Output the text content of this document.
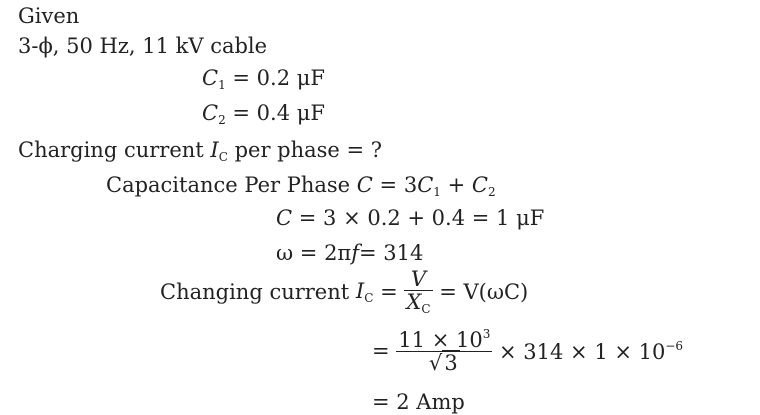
Given
3-ϕ, 50 Hz, 11 kV cable
$C_1 = 0.2$ μF
$C_2 = 0.4$ μF
Charging current $I_C$ per phase = ?
Capacitance Per Phase $C = 3C_1 + C_2$
C = 3 × 0.2 + 0.4 = 1 μF
ω = 2πf= 314
Changing current $I_C = \frac{V}{X_C} = V(\omega C)$
= $\frac{11 \times 10^3}{√3} \times 314 \times 1 \times 10^{-6}$
= 2 Amp
